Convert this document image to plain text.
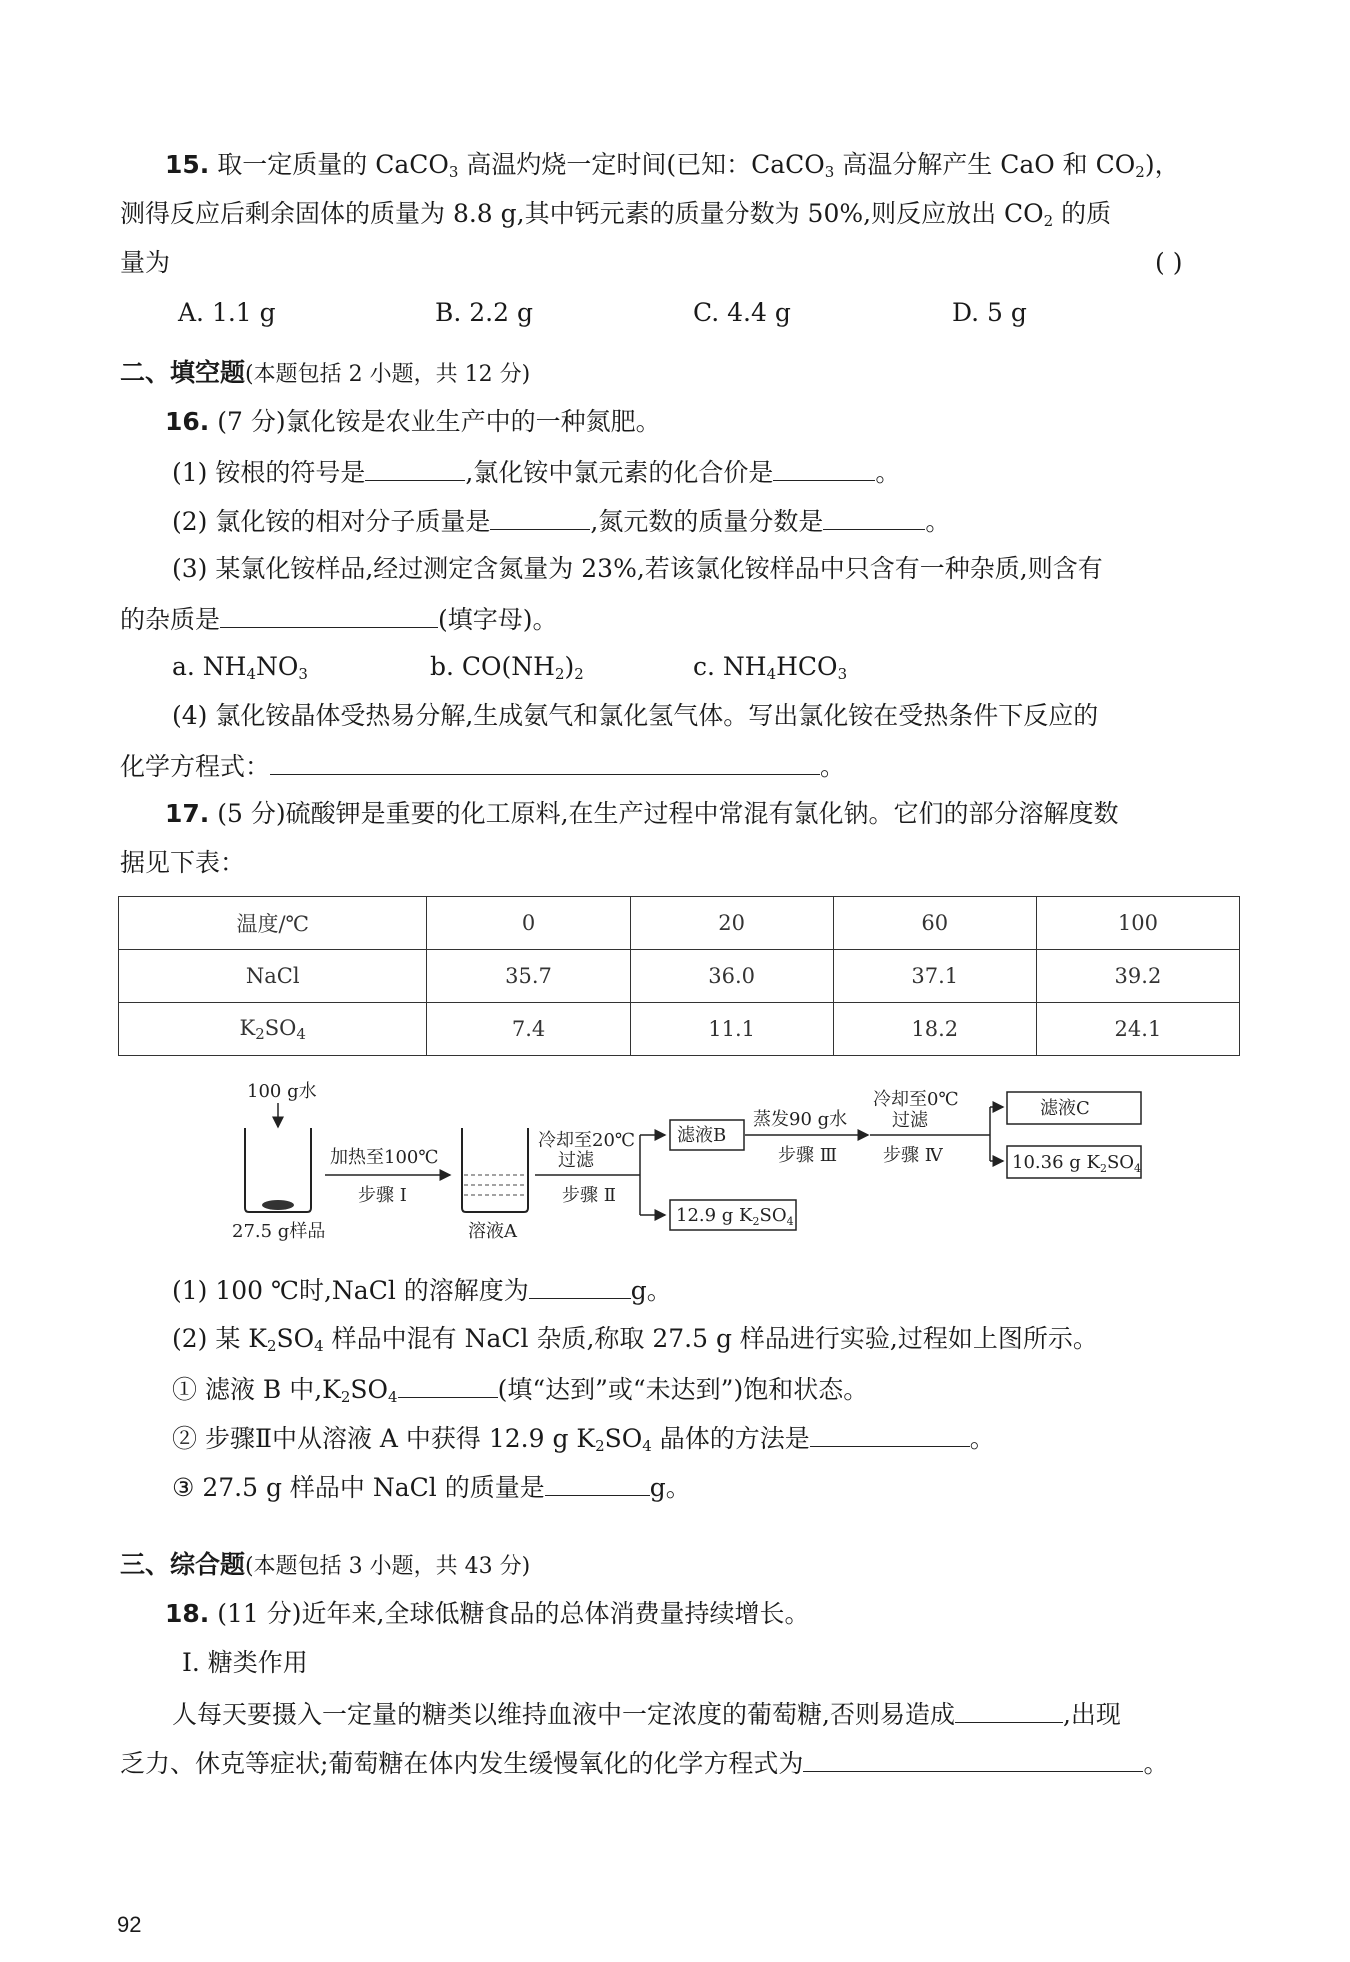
15. 取一定质量的 CaCO$_3$ 高温灼烧一定时间(已知：CaCO$_3$ 高温分解产生 CaO 和 $CO_2$)，
测得反应后剩余固体的质量为 8.8 g,其中钙元素的质量分数为 50%,则反应放出 $CO_2$ 的质
量为	( )
A. 1.1 g	B. 2.2 g	C. 4.4 g	D. 5 g
二、填空题(本题包括 2 小题，共 12 分)
16. (7 分)氯化铵是农业生产中的一种氮肥。
(1) 铵根的符号是	,氯化铵中氯元素的化合价是	。
(2) 氯化铵的相对分子质量是	,氮元数的质量分数是	。
(3) 某氯化铵样品,经过测定含氮量为 23%,若该氯化铵样品中只含有一种杂质,则含有
的杂质是	(填字母)。
a. $NH_4NO_3$	b. $CO(NH_2)_2$	c. $NH_4HCO_3$
(4) 氯化铵晶体受热易分解,生成氨气和氯化氢气体。写出氯化铵在受热条件下反应的
化学方程式：	。
17. (5 分)硫酸钾是重要的化工原料,在生产过程中常混有氯化钠。它们的部分溶解度数
据见下表：
温度/℃	0	20	60	100
NaCl	35.7	36.0	37.1	39.2
$K_2SO_4$	7.4	11.1	18.2	24.1
100 g水
27.5 g样品
加热至100℃
步骤 Ⅰ
溶液A
冷却至20℃
过滤
步骤 Ⅱ
滤液B
12.9 g $K_2SO_4$
蒸发90 g水
步骤 Ⅲ
冷却至0℃
过滤
步骤 Ⅳ
滤液C
10.36 g $K_2SO_4$
(1) 100 ℃时,NaCl 的溶解度为	g。
(2) 某 $K_2SO_4$ 样品中混有 NaCl 杂质,称取 27.5 g 样品进行实验,过程如上图所示。
① 滤液 B 中$,K_2SO_4$	(填“达到”或“未达到”)饱和状态。
② 步骤Ⅱ中从溶液 A 中获得 12.9 g $K_2SO_4$ 晶体的方法是	。
③ 27.5 g 样品中 NaCl 的质量是	g。
三、综合题(本题包括 3 小题，共 43 分)
18. (11 分)近年来,全球低糖食品的总体消费量持续增长。
Ⅰ. 糖类作用
人每天要摄入一定量的糖类以维持血液中一定浓度的葡萄糖,否则易造成	,出现
乏力、休克等症状;葡萄糖在体内发生缓慢氧化的化学方程式为	。
92
